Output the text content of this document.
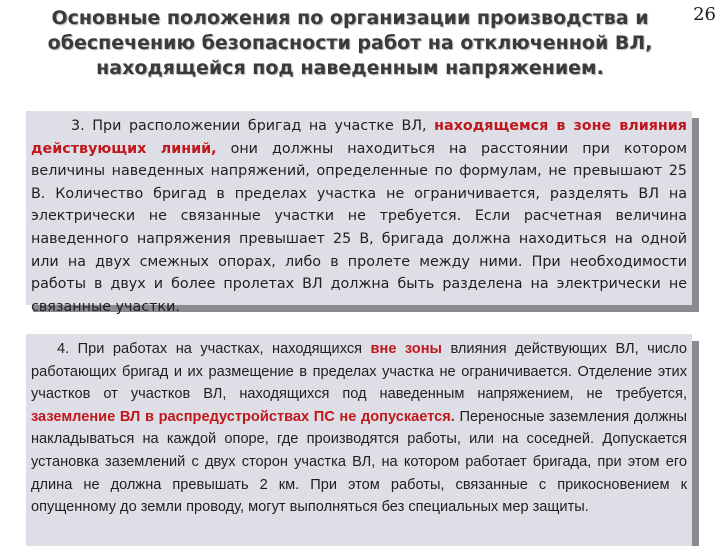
Основные положения по организации производства и
обеспечению безопасности работ на отключенной ВЛ,
находящейся под наведенным напряжением.
26
3. При расположении бригад на участке ВЛ, находящемся в зоне влияния действующих линий, они должны находиться на расстоянии при котором величины наведенных напряжений, определенные по формулам, не превышают 25 В. Количество бригад в пределах участка не ограничивается, разделять ВЛ на электрически не связанные участки не требуется. Если расчетная величина наведенного напряжения превышает 25 В, бригада должна находиться на одной или на двух смежных опорах, либо в пролете между ними. При необходимости работы в двух и более пролетах ВЛ должна быть разделена на электрически не связанные участки.
4. При работах на участках, находящихся вне зоны влияния действующих ВЛ, число работающих бригад и их размещение в пределах участка не ограничивается. Отделение этих участков от участков ВЛ, находящихся под наведенным напряжением, не требуется, заземление ВЛ в распредустройствах ПС не допускается. Переносные заземления должны накладываться на каждой опоре, где производятся работы, или на соседней. Допускается установка заземлений с двух сторон участка ВЛ, на котором работает бригада, при этом его длина не должна превышать 2 км. При этом работы, связанные с прикосновением к опущенному до земли проводу, могут выполняться без специальных мер защиты.
